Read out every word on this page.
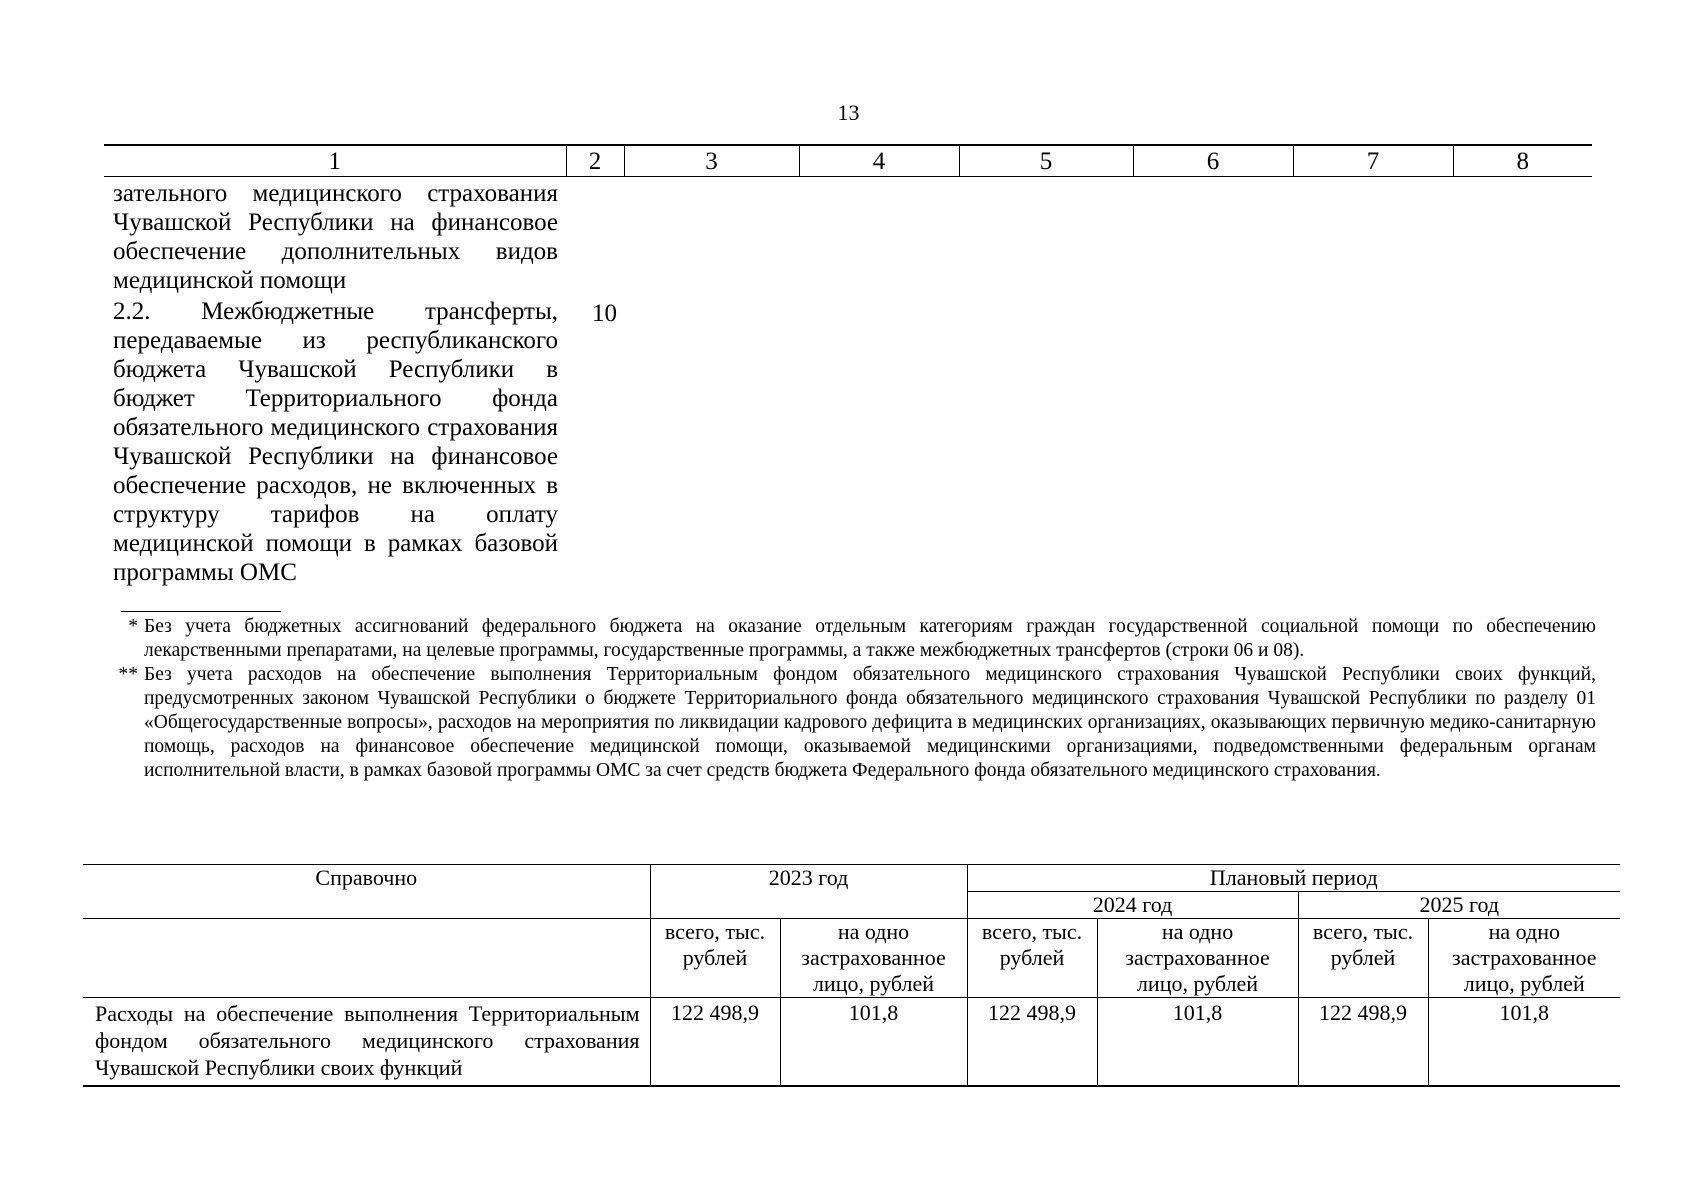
13
1	2	3	4	5	6	7	8
зательного медицинского страхования Чувашской Республики на финансовое обеспечение дополнительных видов медицинской помощи							
2.2. Межбюджетные трансферты, передаваемые из республиканского бюджета Чувашской Республики в бюджет Территориального фонда обязательного медицинского страхования Чувашской Республики на финансовое обеспечение расходов, не включенных в структуру тарифов на оплату медицинской помощи в рамках базовой программы ОМС	10						

* Без учета бюджетных ассигнований федерального бюджета на оказание отдельным категориям граждан государственной социальной помощи по обеспечению лекарственными препаратами, на целевые программы, государственные программы, а также межбюджетных трансфертов (строки 06 и 08).

** Без учета расходов на обеспечение выполнения Территориальным фондом обязательного медицинского страхования Чувашской Республики своих функций, предусмотренных законом Чувашской Республики о бюджете Территориального фонда обязательного медицинского страхования Чувашской Республики по разделу 01 «Общегосударственные вопросы», расходов на мероприятия по ликвидации кадрового дефицита в медицинских организациях, оказывающих первичную медико-санитарную помощь, расходов на финансовое обеспечение медицинской помощи, оказываемой медицинскими организациями, подведомственными федеральным органам исполнительной власти, в рамках базовой программы ОМС за счет средств бюджета Федерального фонда обязательного медицинского страхования.

Справочно	2023 год		Плановый период			
			2024 год		2025 год	
	всего, тыс. рублей	на одно застрахованное лицо, рублей	всего, тыс. рублей	на одно застрахованное лицо, рублей	всего, тыс. рублей	на одно застрахованное лицо, рублей
Расходы на обеспечение выполнения Территориальным фондом обязательного медицинского страхования Чувашской Республики своих функций	122 498,9	101,8	122 498,9	101,8	122 498,9	101,8
